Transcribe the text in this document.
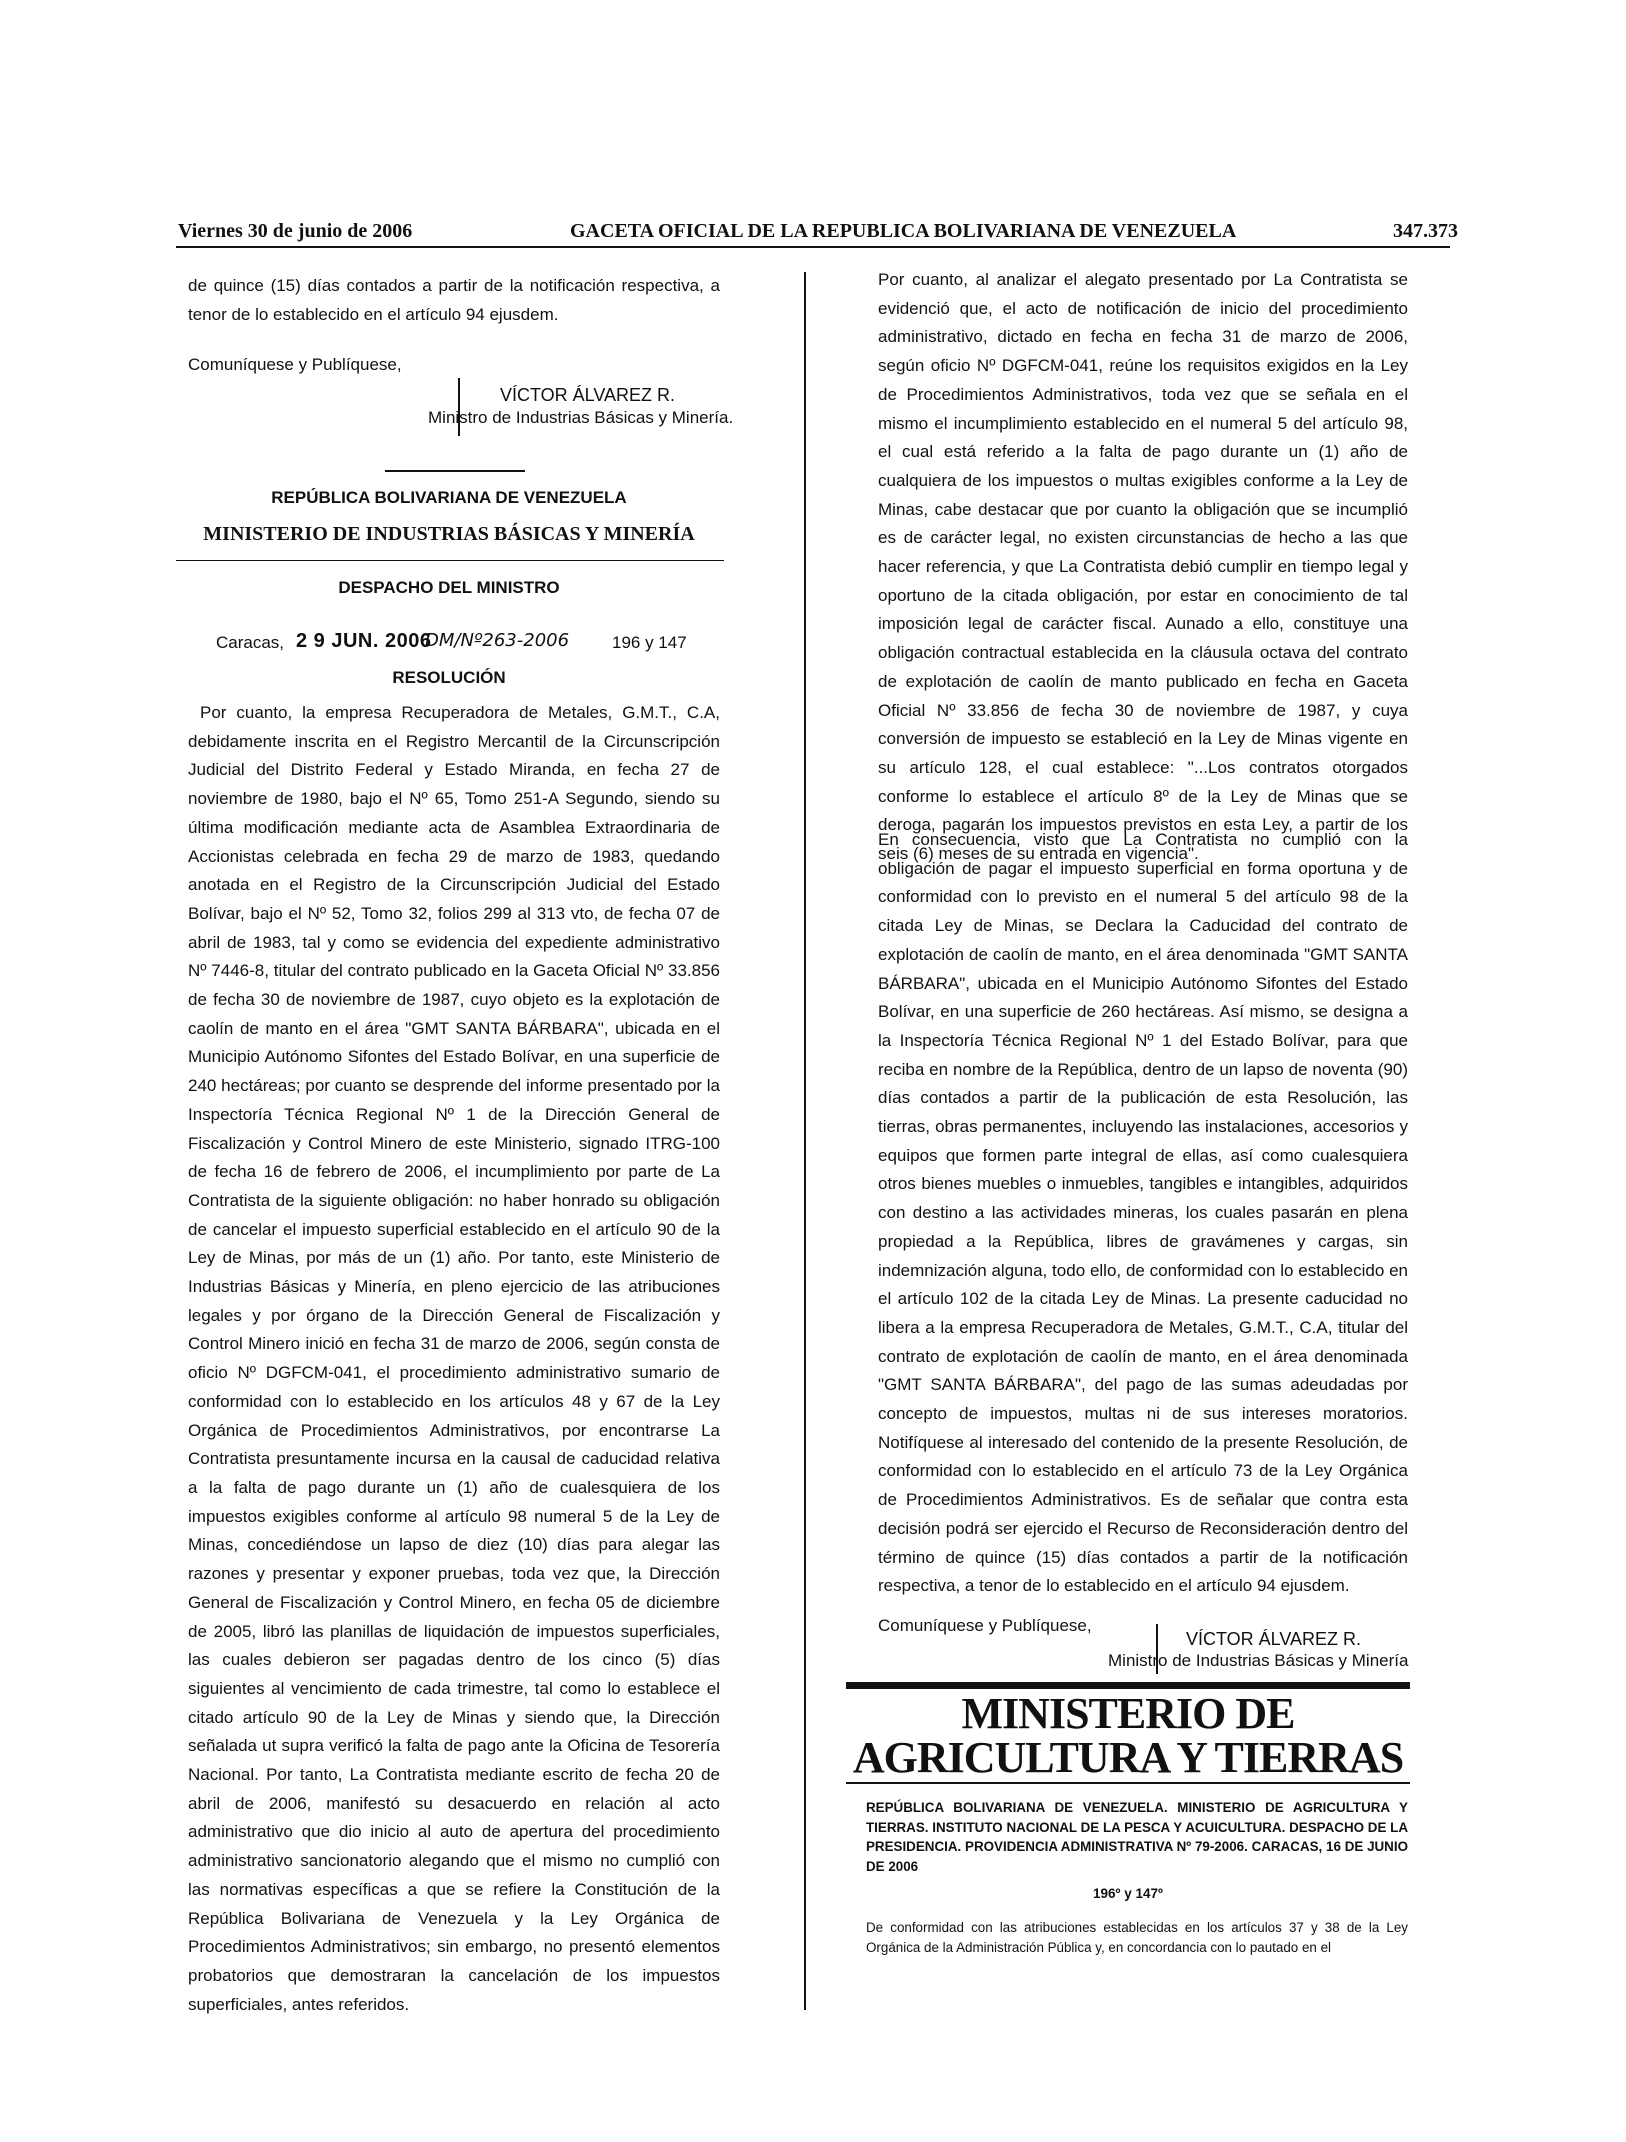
Viernes 30 de junio de 2006	GACETA OFICIAL DE LA REPUBLICA BOLIVARIANA DE VENEZUELA	347.373
de quince (15) días contados a partir de la notificación respectiva, a tenor de lo establecido en el artículo 94 ejusdem.
Comuníquese y Publíquese,
VÍCTOR ÁLVAREZ R.
Ministro de Industrias Básicas y Minería.
REPÚBLICA BOLIVARIANA DE VENEZUELA
MINISTERIO DE INDUSTRIAS BÁSICAS Y MINERÍA
DESPACHO DEL MINISTRO
Caracas, 2 9 JUN. 2006
DM/Nº263-2006	196 y 147
RESOLUCIÓN
Por cuanto, la empresa Recuperadora de Metales, G.M.T., C.A, debidamente inscrita en el Registro Mercantil de la Circunscripción Judicial del Distrito Federal y Estado Miranda, en fecha 27 de noviembre de 1980, bajo el Nº 65, Tomo 251-A Segundo, siendo su última modificación mediante acta de Asamblea Extraordinaria de Accionistas celebrada en fecha 29 de marzo de 1983, quedando anotada en el Registro de la Circunscripción Judicial del Estado Bolívar, bajo el Nº 52, Tomo 32, folios 299 al 313 vto, de fecha 07 de abril de 1983, tal y como se evidencia del expediente administrativo Nº 7446-8, titular del contrato publicado en la Gaceta Oficial Nº 33.856 de fecha 30 de noviembre de 1987, cuyo objeto es la explotación de caolín de manto en el área "GMT SANTA BÁRBARA", ubicada en el Municipio Autónomo Sifontes del Estado Bolívar, en una superficie de 240 hectáreas; por cuanto se desprende del informe presentado por la Inspectoría Técnica Regional Nº 1 de la Dirección General de Fiscalización y Control Minero de este Ministerio, signado ITRG-100 de fecha 16 de febrero de 2006, el incumplimiento por parte de La Contratista de la siguiente obligación: no haber honrado su obligación de cancelar el impuesto superficial establecido en el artículo 90 de la Ley de Minas, por más de un (1) año. Por tanto, este Ministerio de Industrias Básicas y Minería, en pleno ejercicio de las atribuciones legales y por órgano de la Dirección General de Fiscalización y Control Minero inició en fecha 31 de marzo de 2006, según consta de oficio Nº DGFCM-041, el procedimiento administrativo sumario de conformidad con lo establecido en los artículos 48 y 67 de la Ley Orgánica de Procedimientos Administrativos, por encontrarse La Contratista presuntamente incursa en la causal de caducidad relativa a la falta de pago durante un (1) año de cualesquiera de los impuestos exigibles conforme al artículo 98 numeral 5 de la Ley de Minas, concediéndose un lapso de diez (10) días para alegar las razones y presentar y exponer pruebas, toda vez que, la Dirección General de Fiscalización y Control Minero, en fecha 05 de diciembre de 2005, libró las planillas de liquidación de impuestos superficiales, las cuales debieron ser pagadas dentro de los cinco (5) días siguientes al vencimiento de cada trimestre, tal como lo establece el citado artículo 90 de la Ley de Minas y siendo que, la Dirección señalada ut supra verificó la falta de pago ante la Oficina de Tesorería Nacional. Por tanto, La Contratista mediante escrito de fecha 20 de abril de 2006, manifestó su desacuerdo en relación al acto administrativo que dio inicio al auto de apertura del procedimiento administrativo sancionatorio alegando que el mismo no cumplió con las normativas específicas a que se refiere la Constitución de la República Bolivariana de Venezuela y la Ley Orgánica de Procedimientos Administrativos; sin embargo, no presentó elementos probatorios que demostraran la cancelación de los impuestos superficiales, antes referidos.
Por cuanto, al analizar el alegato presentado por La Contratista se evidenció que, el acto de notificación de inicio del procedimiento administrativo, dictado en fecha en fecha 31 de marzo de 2006, según oficio Nº DGFCM-041, reúne los requisitos exigidos en la Ley de Procedimientos Administrativos, toda vez que se señala en el mismo el incumplimiento establecido en el numeral 5 del artículo 98, el cual está referido a la falta de pago durante un (1) año de cualquiera de los impuestos o multas exigibles conforme a la Ley de Minas, cabe destacar que por cuanto la obligación que se incumplió es de carácter legal, no existen circunstancias de hecho a las que hacer referencia, y que La Contratista debió cumplir en tiempo legal y oportuno de la citada obligación, por estar en conocimiento de tal imposición legal de carácter fiscal. Aunado a ello, constituye una obligación contractual establecida en la cláusula octava del contrato de explotación de caolín de manto publicado en fecha en Gaceta Oficial Nº 33.856 de fecha 30 de noviembre de 1987, y cuya conversión de impuesto se estableció en la Ley de Minas vigente en su artículo 128, el cual establece: "...Los contratos otorgados conforme lo establece el artículo 8º de la Ley de Minas que se deroga, pagarán los impuestos previstos en esta Ley, a partir de los seis (6) meses de su entrada en vigencia".
En consecuencia, visto que La Contratista no cumplió con la obligación de pagar el impuesto superficial en forma oportuna y de conformidad con lo previsto en el numeral 5 del artículo 98 de la citada Ley de Minas, se Declara la Caducidad del contrato de explotación de caolín de manto, en el área denominada "GMT SANTA BÁRBARA", ubicada en el Municipio Autónomo Sifontes del Estado Bolívar, en una superficie de 260 hectáreas. Así mismo, se designa a la Inspectoría Técnica Regional Nº 1 del Estado Bolívar, para que reciba en nombre de la República, dentro de un lapso de noventa (90) días contados a partir de la publicación de esta Resolución, las tierras, obras permanentes, incluyendo las instalaciones, accesorios y equipos que formen parte integral de ellas, así como cualesquiera otros bienes muebles o inmuebles, tangibles e intangibles, adquiridos con destino a las actividades mineras, los cuales pasarán en plena propiedad a la República, libres de gravámenes y cargas, sin indemnización alguna, todo ello, de conformidad con lo establecido en el artículo 102 de la citada Ley de Minas. La presente caducidad no libera a la empresa Recuperadora de Metales, G.M.T., C.A, titular del contrato de explotación de caolín de manto, en el área denominada "GMT SANTA BÁRBARA", del pago de las sumas adeudadas por concepto de impuestos, multas ni de sus intereses moratorios. Notifíquese al interesado del contenido de la presente Resolución, de conformidad con lo establecido en el artículo 73 de la Ley Orgánica de Procedimientos Administrativos. Es de señalar que contra esta decisión podrá ser ejercido el Recurso de Reconsideración dentro del término de quince (15) días contados a partir de la notificación respectiva, a tenor de lo establecido en el artículo 94 ejusdem.
Comuníquese y Publíquese,
VÍCTOR ÁLVAREZ R.
Ministro de Industrias Básicas y Minería
MINISTERIO DE
AGRICULTURA Y TIERRAS
REPÚBLICA BOLIVARIANA DE VENEZUELA. MINISTERIO DE AGRICULTURA Y TIERRAS. INSTITUTO NACIONAL DE LA PESCA Y ACUICULTURA. DESPACHO DE LA PRESIDENCIA. PROVIDENCIA ADMINISTRATIVA Nº 79-2006. CARACAS, 16 DE JUNIO DE 2006
196º y 147º
De conformidad con las atribuciones establecidas en los artículos 37 y 38 de la Ley Orgánica de la Administración Pública y, en concordancia con lo pautado en el
